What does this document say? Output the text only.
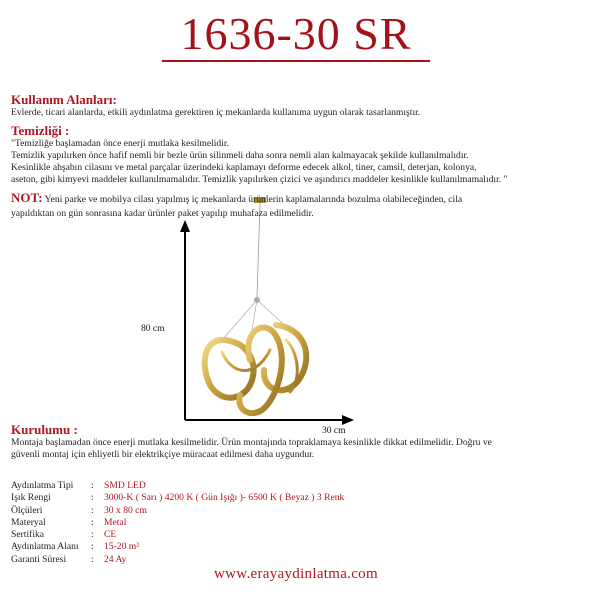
1636-30 SR
80 cm
30 cm
Kullanım Alanları:
Evlerde, ticari alanlarda, etkili aydınlatma gerektiren iç mekanlarda kullanıma uygun olarak tasarlanmıştır.
Temizliği :
"Temizliğe başlamadan önce enerji mutlaka kesilmelidir.
Temizlik yapılırken önce hafif nemli bir bezle ürün silinmeli daha sonra nemli alan kalmayacak şekilde kullanılmalıdır.
Kesinlikle ahşabın cilasını ve metal parçalar üzerindeki kaplamayı deforme edecek alkol, tiner, camsil, deterjan, kolonya,
aseton, gibi kimyevi maddeler kullanılmamalıdır. Temizlik yapılırken çizici ve aşındırıcı maddeler kesinlikle kullanılmamalıdır. "
NOT: Yeni parke ve mobilya cilası yapılmış iç mekanlarda ürünlerin kaplamalarında bozulma olabileceğinden, cila
yapıldıktan on gün sonrasına kadar ürünler paket yapılıp muhafaza edilmelidir.
Kurulumu :
Montaja başlamadan önce enerji mutlaka kesilmelidir. Ürün montajında topraklamaya kesinlikle dikkat edilmelidir. Doğru ve
güvenli montaj için ehliyetli bir elektrikçiye müracaat edilmesi daha uygundur.
Aydınlatma Tipi	:	SMD LED
Işık Rengi	:	3000-K ( Sarı ) 4200 K ( Gün Işığı )- 6500 K ( Beyaz ) 3 Renk
Ölçüleri	:	30 x 80 cm
Materyal	:	Metal
Sertifika	:	CE
Aydınlatma Alanı	:	15-20 m²
Garanti Süresi	:	24 Ay
www.erayaydinlatma.com
